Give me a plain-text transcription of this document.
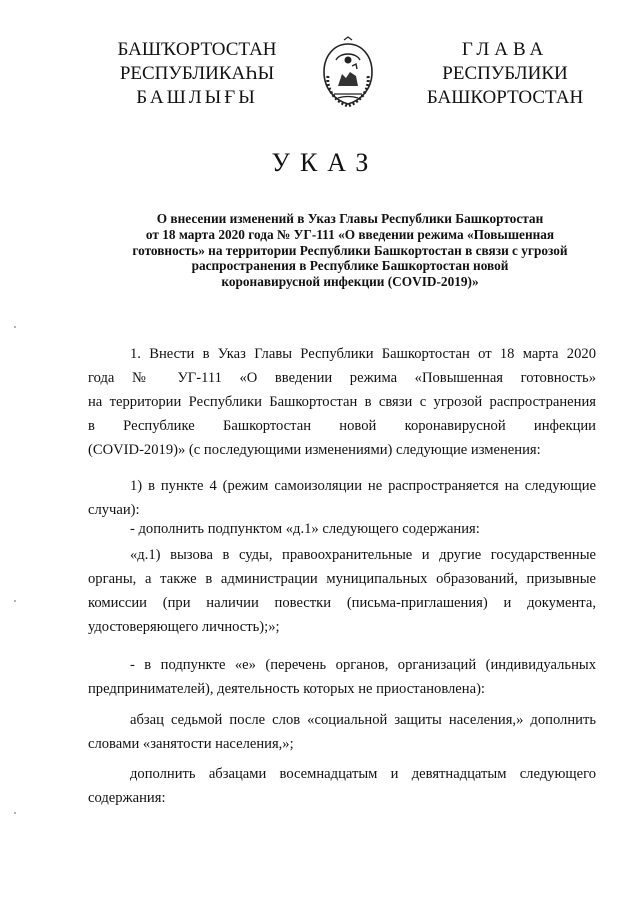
БАШҠОРТОСТАН
РЕСПУБЛИКАҺЫ
БАШЛЫҒЫ
ГЛАВА
РЕСПУБЛИКИ
БАШКОРТОСТАН
УКАЗ
О внесении изменений в Указ Главы Республики Башкортостан
от 18 марта 2020 года № УГ-111 «О введении режима «Повышенная
готовность» на территории Республики Башкортостан в связи с угрозой
распространения в Республике Башкортостан новой
коронавирусной инфекции (COVID-2019)»
1. Внести в Указ Главы Республики Башкортостан от 18 марта 2020
года № УГ-111 «О введении режима «Повышенная готовность»
на территории Республики Башкортостан в связи с угрозой распространения
в Республике Башкортостан новой коронавирусной инфекции
(COVID-2019)» (с последующими изменениями) следующие изменения:
1) в пункте 4 (режим самоизоляции не распространяется на следующие
случаи):
- дополнить подпунктом «д.1» следующего содержания:
«д.1) вызова в суды, правоохранительные и другие государственные
органы, а также в администрации муниципальных образований, призывные
комиссии (при наличии повестки (письма-приглашения) и документа,
удостоверяющего личность);»;
- в подпункте «е» (перечень органов, организаций (индивидуальных
предпринимателей), деятельность которых не приостановлена):
абзац седьмой после слов «социальной защиты населения,» дополнить
словами «занятости населения,»;
дополнить абзацами восемнадцатым и девятнадцатым следующего
содержания:
